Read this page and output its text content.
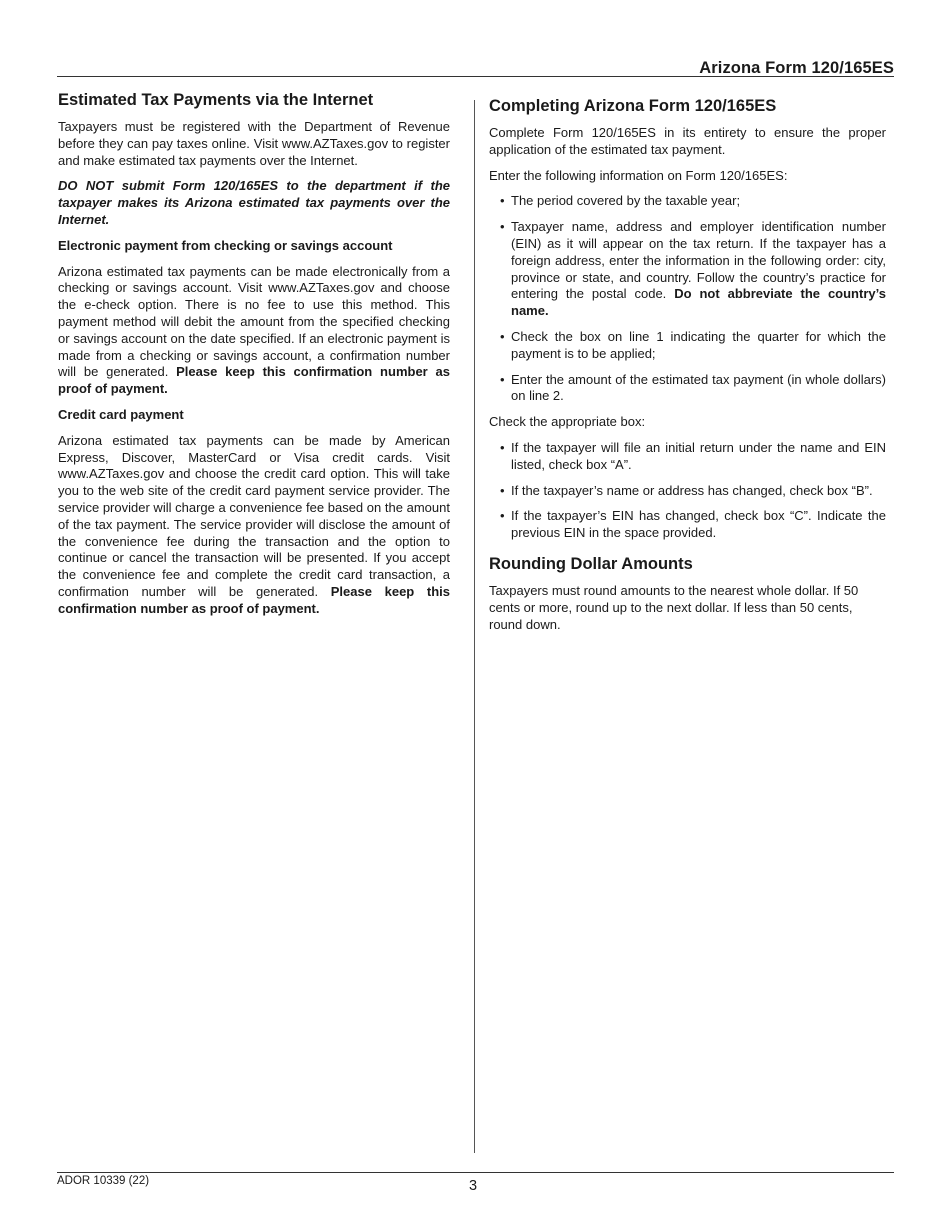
Arizona Form 120/165ES
Estimated Tax Payments via the Internet

Taxpayers must be registered with the Department of Revenue before they can pay taxes online. Visit www.AZTaxes.gov to register and make estimated tax payments over the Internet.

DO NOT submit Form 120/165ES to the department if the taxpayer makes its Arizona estimated tax payments over the Internet.

Electronic payment from checking or savings account

Arizona estimated tax payments can be made electronically from a checking or savings account. Visit www.AZTaxes.gov and choose the e-check option. There is no fee to use this method. This payment method will debit the amount from the specified checking or savings account on the date specified. If an electronic payment is made from a checking or savings account, a confirmation number will be generated. Please keep this confirmation number as proof of payment.

Credit card payment

Arizona estimated tax payments can be made by American Express, Discover, MasterCard or Visa credit cards. Visit www.AZTaxes.gov and choose the credit card option. This will take you to the web site of the credit card payment service provider. The service provider will charge a convenience fee based on the amount of the tax payment. The service provider will disclose the amount of the convenience fee during the transaction and the option to continue or cancel the transaction will be presented. If you accept the convenience fee and complete the credit card transaction, a confirmation number will be generated. Please keep this confirmation number as proof of payment.

Completing Arizona Form 120/165ES

Complete Form 120/165ES in its entirety to ensure the proper application of the estimated tax payment.

Enter the following information on Form 120/165ES:

• The period covered by the taxable year;
• Taxpayer name, address and employer identification number (EIN) as it will appear on the tax return. If the taxpayer has a foreign address, enter the information in the following order: city, province or state, and country. Follow the country’s practice for entering the postal code. Do not abbreviate the country’s name.
• Check the box on line 1 indicating the quarter for which the payment is to be applied;
• Enter the amount of the estimated tax payment (in whole dollars) on line 2.

Check the appropriate box:

• If the taxpayer will file an initial return under the name and EIN listed, check box “A”.
• If the taxpayer’s name or address has changed, check box “B”.
• If the taxpayer’s EIN has changed, check box “C”. Indicate the previous EIN in the space provided.
Rounding Dollar Amounts

Taxpayers must round amounts to the nearest whole dollar. If 50 cents or more, round up to the next dollar. If less than 50 cents, round down.

ADOR 10339 (22)	3
